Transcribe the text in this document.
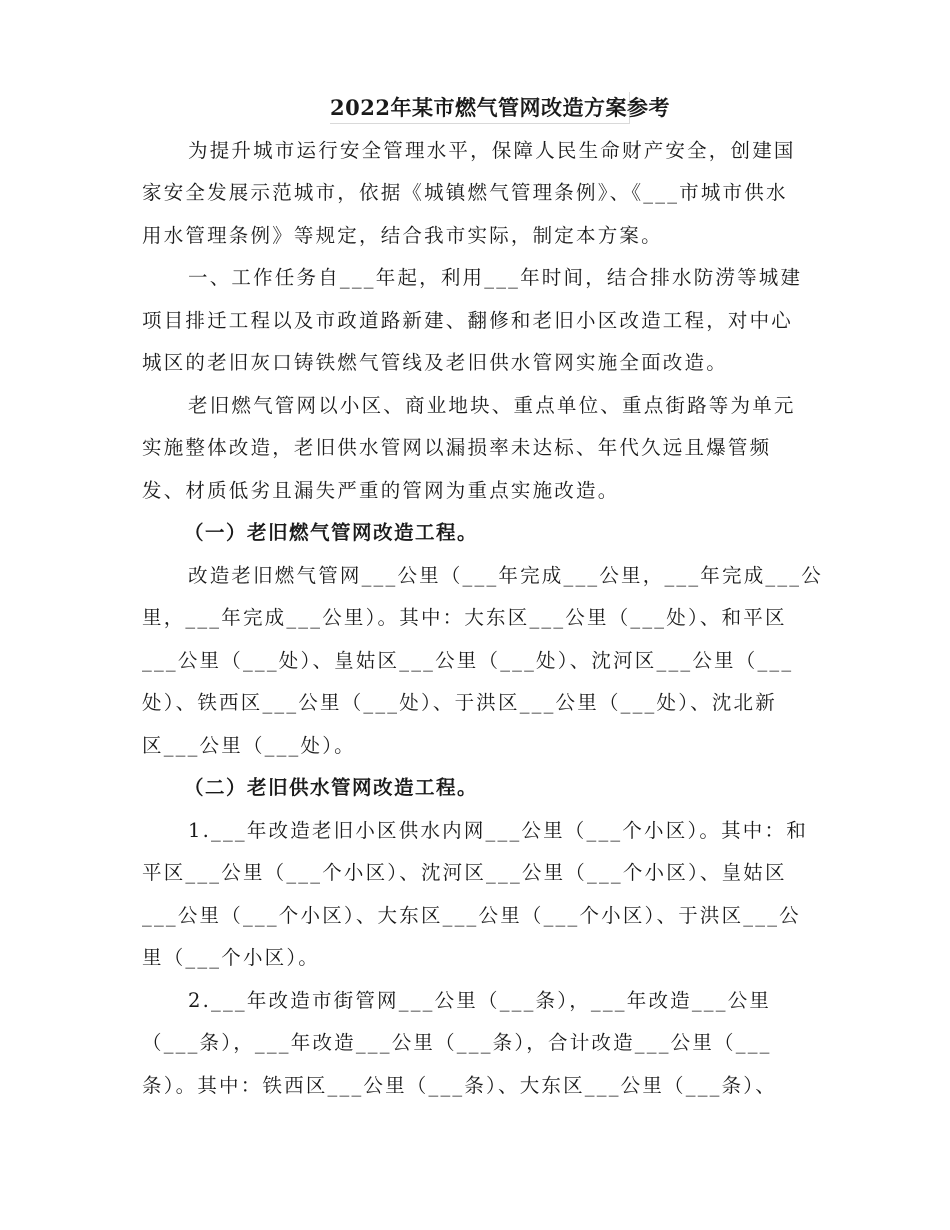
2022年某市燃气管网改造方案参考
为提升城市运行安全管理水平，保障人民生命财产安全，创建国
家安全发展示范城市，依据《城镇燃气管理条例》、《___市城市供水
用水管理条例》等规定，结合我市实际，制定本方案。
一、工作任务自___年起，利用___年时间，结合排水防涝等城建
项目排迁工程以及市政道路新建、翻修和老旧小区改造工程，对中心
城区的老旧灰口铸铁燃气管线及老旧供水管网实施全面改造。
老旧燃气管网以小区、商业地块、重点单位、重点街路等为单元
实施整体改造，老旧供水管网以漏损率未达标、年代久远且爆管频
发、材质低劣且漏失严重的管网为重点实施改造。
（一）老旧燃气管网改造工程。
改造老旧燃气管网___公里（___年完成___公里，___年完成___公
里，___年完成___公里）。其中：大东区___公里（___处）、和平区
___公里（___处）、皇姑区___公里（___处）、沈河区___公里（___
处）、铁西区___公里（___处）、于洪区___公里（___处）、沈北新
区___公里（___处）。
（二）老旧供水管网改造工程。
1.___年改造老旧小区供水内网___公里（___个小区）。其中：和
平区___公里（___个小区）、沈河区___公里（___个小区）、皇姑区
___公里（___个小区）、大东区___公里（___个小区）、于洪区___公
里（___个小区）。
2.___年改造市街管网___公里（___条），___年改造___公里
（___条），___年改造___公里（___条），合计改造___公里（___
条）。其中：铁西区___公里（___条）、大东区___公里（___条）、
